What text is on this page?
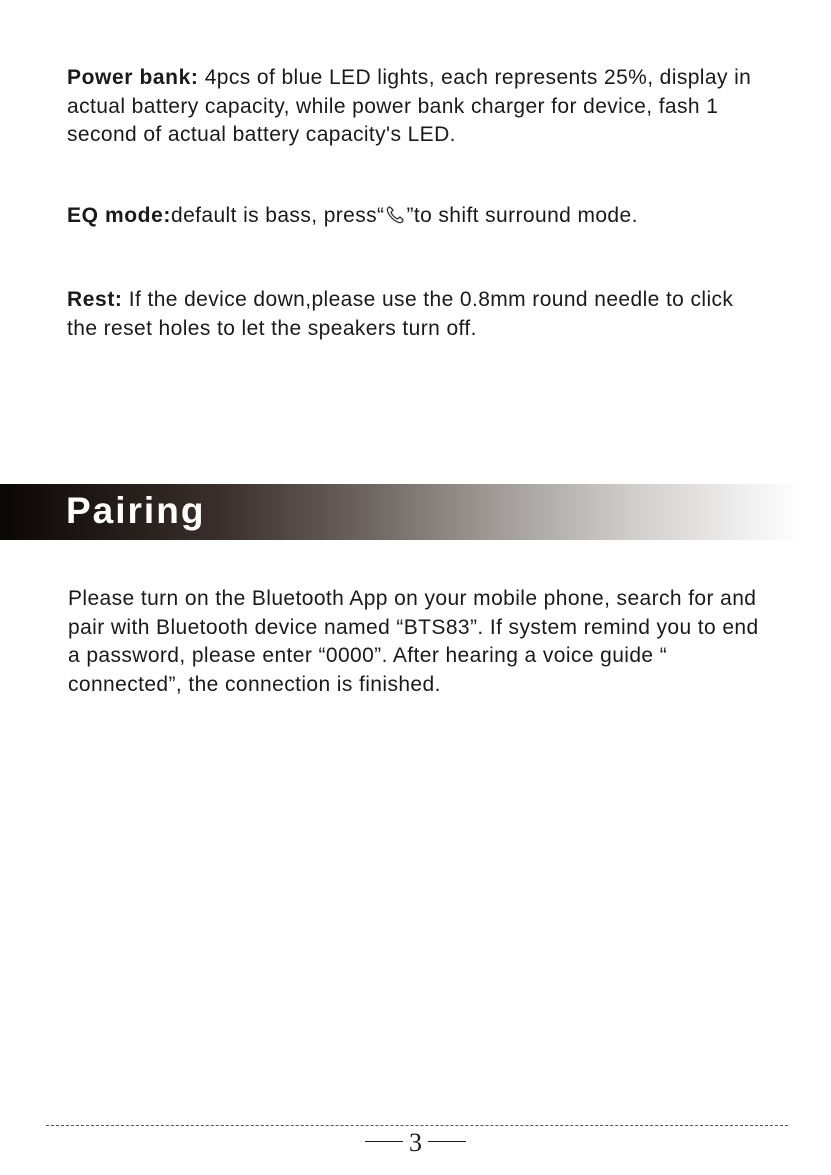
Power bank: 4pcs of blue LED lights, each represents 25%, display in actual battery capacity, while power bank charger for device, fash 1 second of actual battery capacity's LED.

EQ mode:default is bass, press“ ”to shift surround mode.

Rest: If the device down,please use the 0.8mm round needle to click the reset holes to let the speakers turn off.

Pairing

Please turn on the Bluetooth App on your mobile phone, search for and pair with Bluetooth device named “BTS83”. If system remind you to end a password, please enter “0000”. After hearing a voice guide “ connected”, the connection is finished.

3
